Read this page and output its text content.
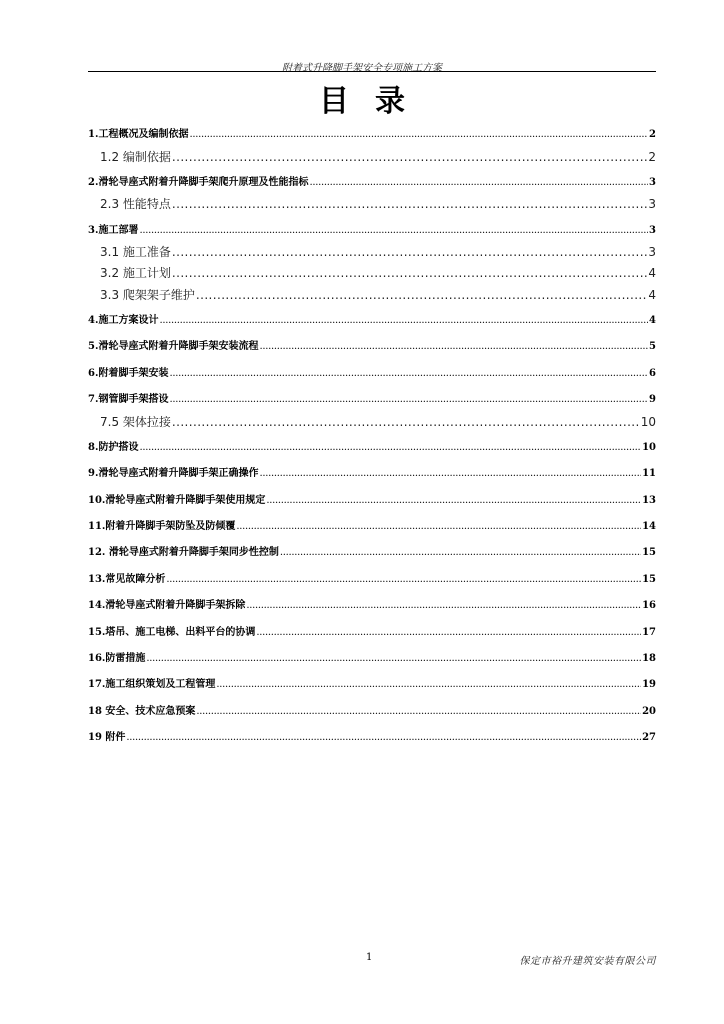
附着式升降脚手架安全专项施工方案
目录
1.工程概况及编制依据 .....	2
1.2 编制依据 .....	2
2.滑轮导座式附着升降脚手架爬升原理及性能指标 .....	3
2.3 性能特点 .....	3
3.施工部署 .....	3
3.1 施工准备 .....	3
3.2 施工计划 .....	4
3.3 爬架架子维护 .....	4
4.施工方案设计 .....	4
5.滑轮导座式附着升降脚手架安装流程 .....	5
6.附着脚手架安装 .....	6
7.钢管脚手架搭设 .....	9
7.5 架体拉接 .....	10
8.防护搭设 .....	10
9.滑轮导座式附着升降脚手架正确操作 .....	11
10.滑轮导座式附着升降脚手架使用规定 .....	13
11.附着升降脚手架防坠及防倾覆 .....	14
12. 滑轮导座式附着升降脚手架同步性控制 .....	15
13.常见故障分析 .....	15
14.滑轮导座式附着升降脚手架拆除 .....	16
15.塔吊、施工电梯、出料平台的协调 .....	17
16.防雷措施 .....	18
17.施工组织策划及工程管理 .....	19
18 安全、技术应急预案 .....	20
19 附件 .....	27
1	保定市裕升建筑安装有限公司
